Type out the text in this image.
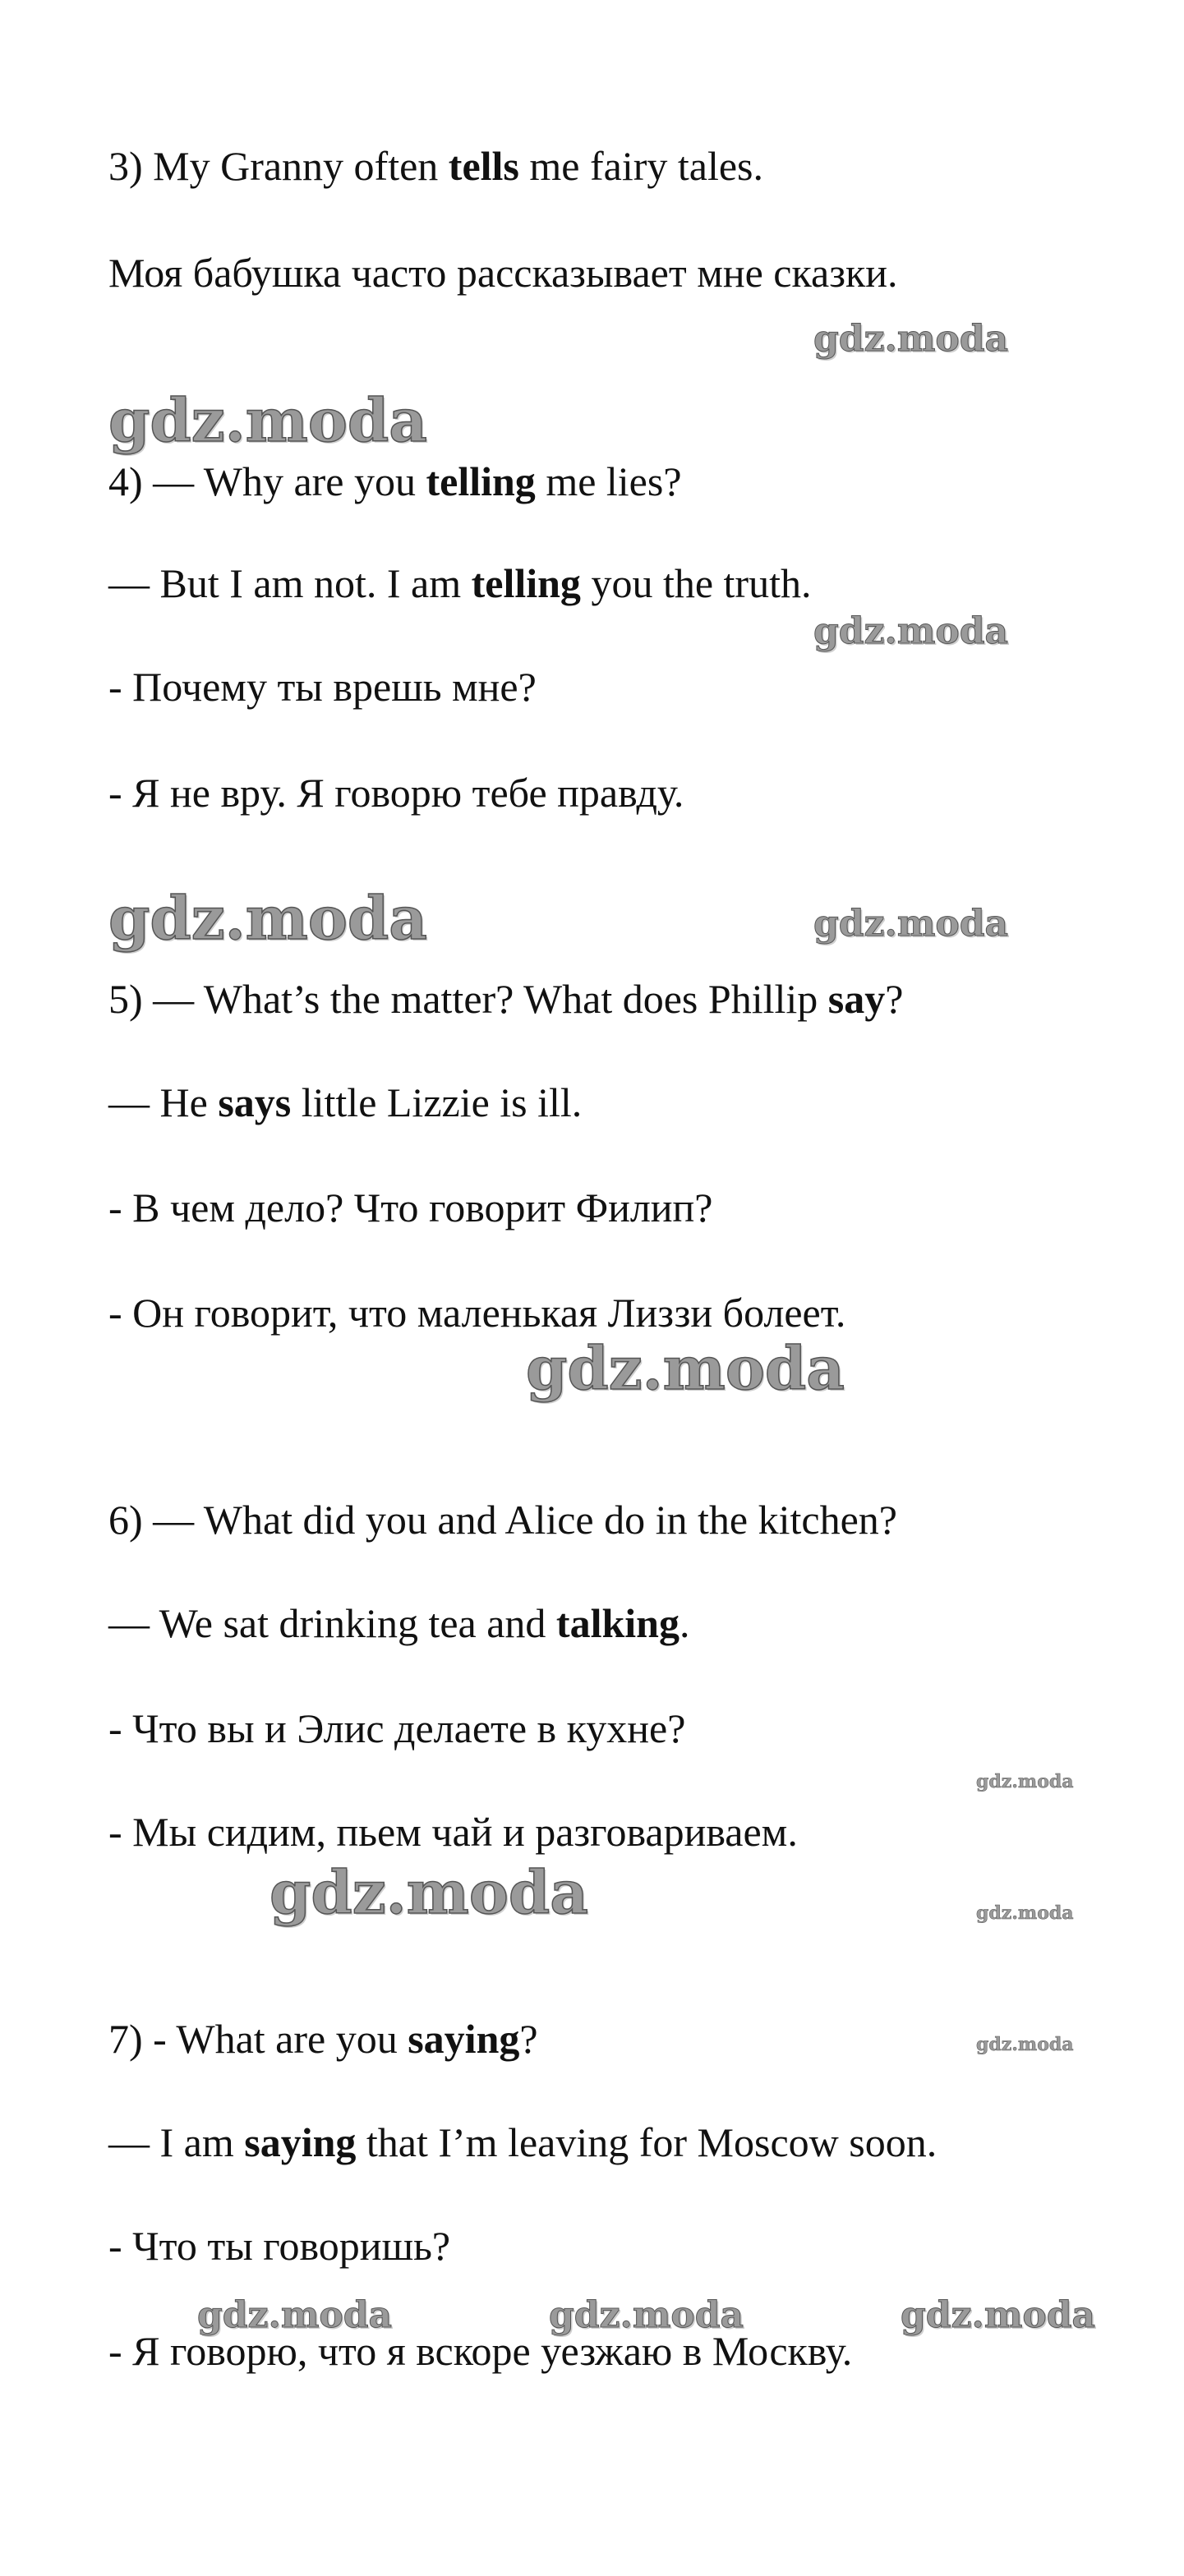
3) My Granny often tells me fairy tales.

Моя бабушка часто рассказывает мне сказки.

4) — Why are you telling me lies?

— But I am not. I am telling you the truth.

- Почему ты врешь мне?

- Я не вру. Я говорю тебе правду.

5) — What’s the matter? What does Phillip say?

— He says little Lizzie is ill.

- В чем дело? Что говорит Филип?

- Он говорит, что маленькая Лиззи болеет.

6) — What did you and Alice do in the kitchen?

— We sat drinking tea and talking.

- Что вы и Элис делаете в кухне?

- Мы сидим, пьем чай и разговариваем.

7) - What are you saying?

— I am saying that I’m leaving for Moscow soon.

- Что ты говоришь?

- Я говорю, что я вскоре уезжаю в Москву.

gdz.moda
gdz.moda
gdz.moda
gdz.moda	gdz.moda
gdz.moda
gdz.moda
gdz.moda	gdz.moda
gdz.moda
gdz.moda	gdz.moda	gdz.moda
